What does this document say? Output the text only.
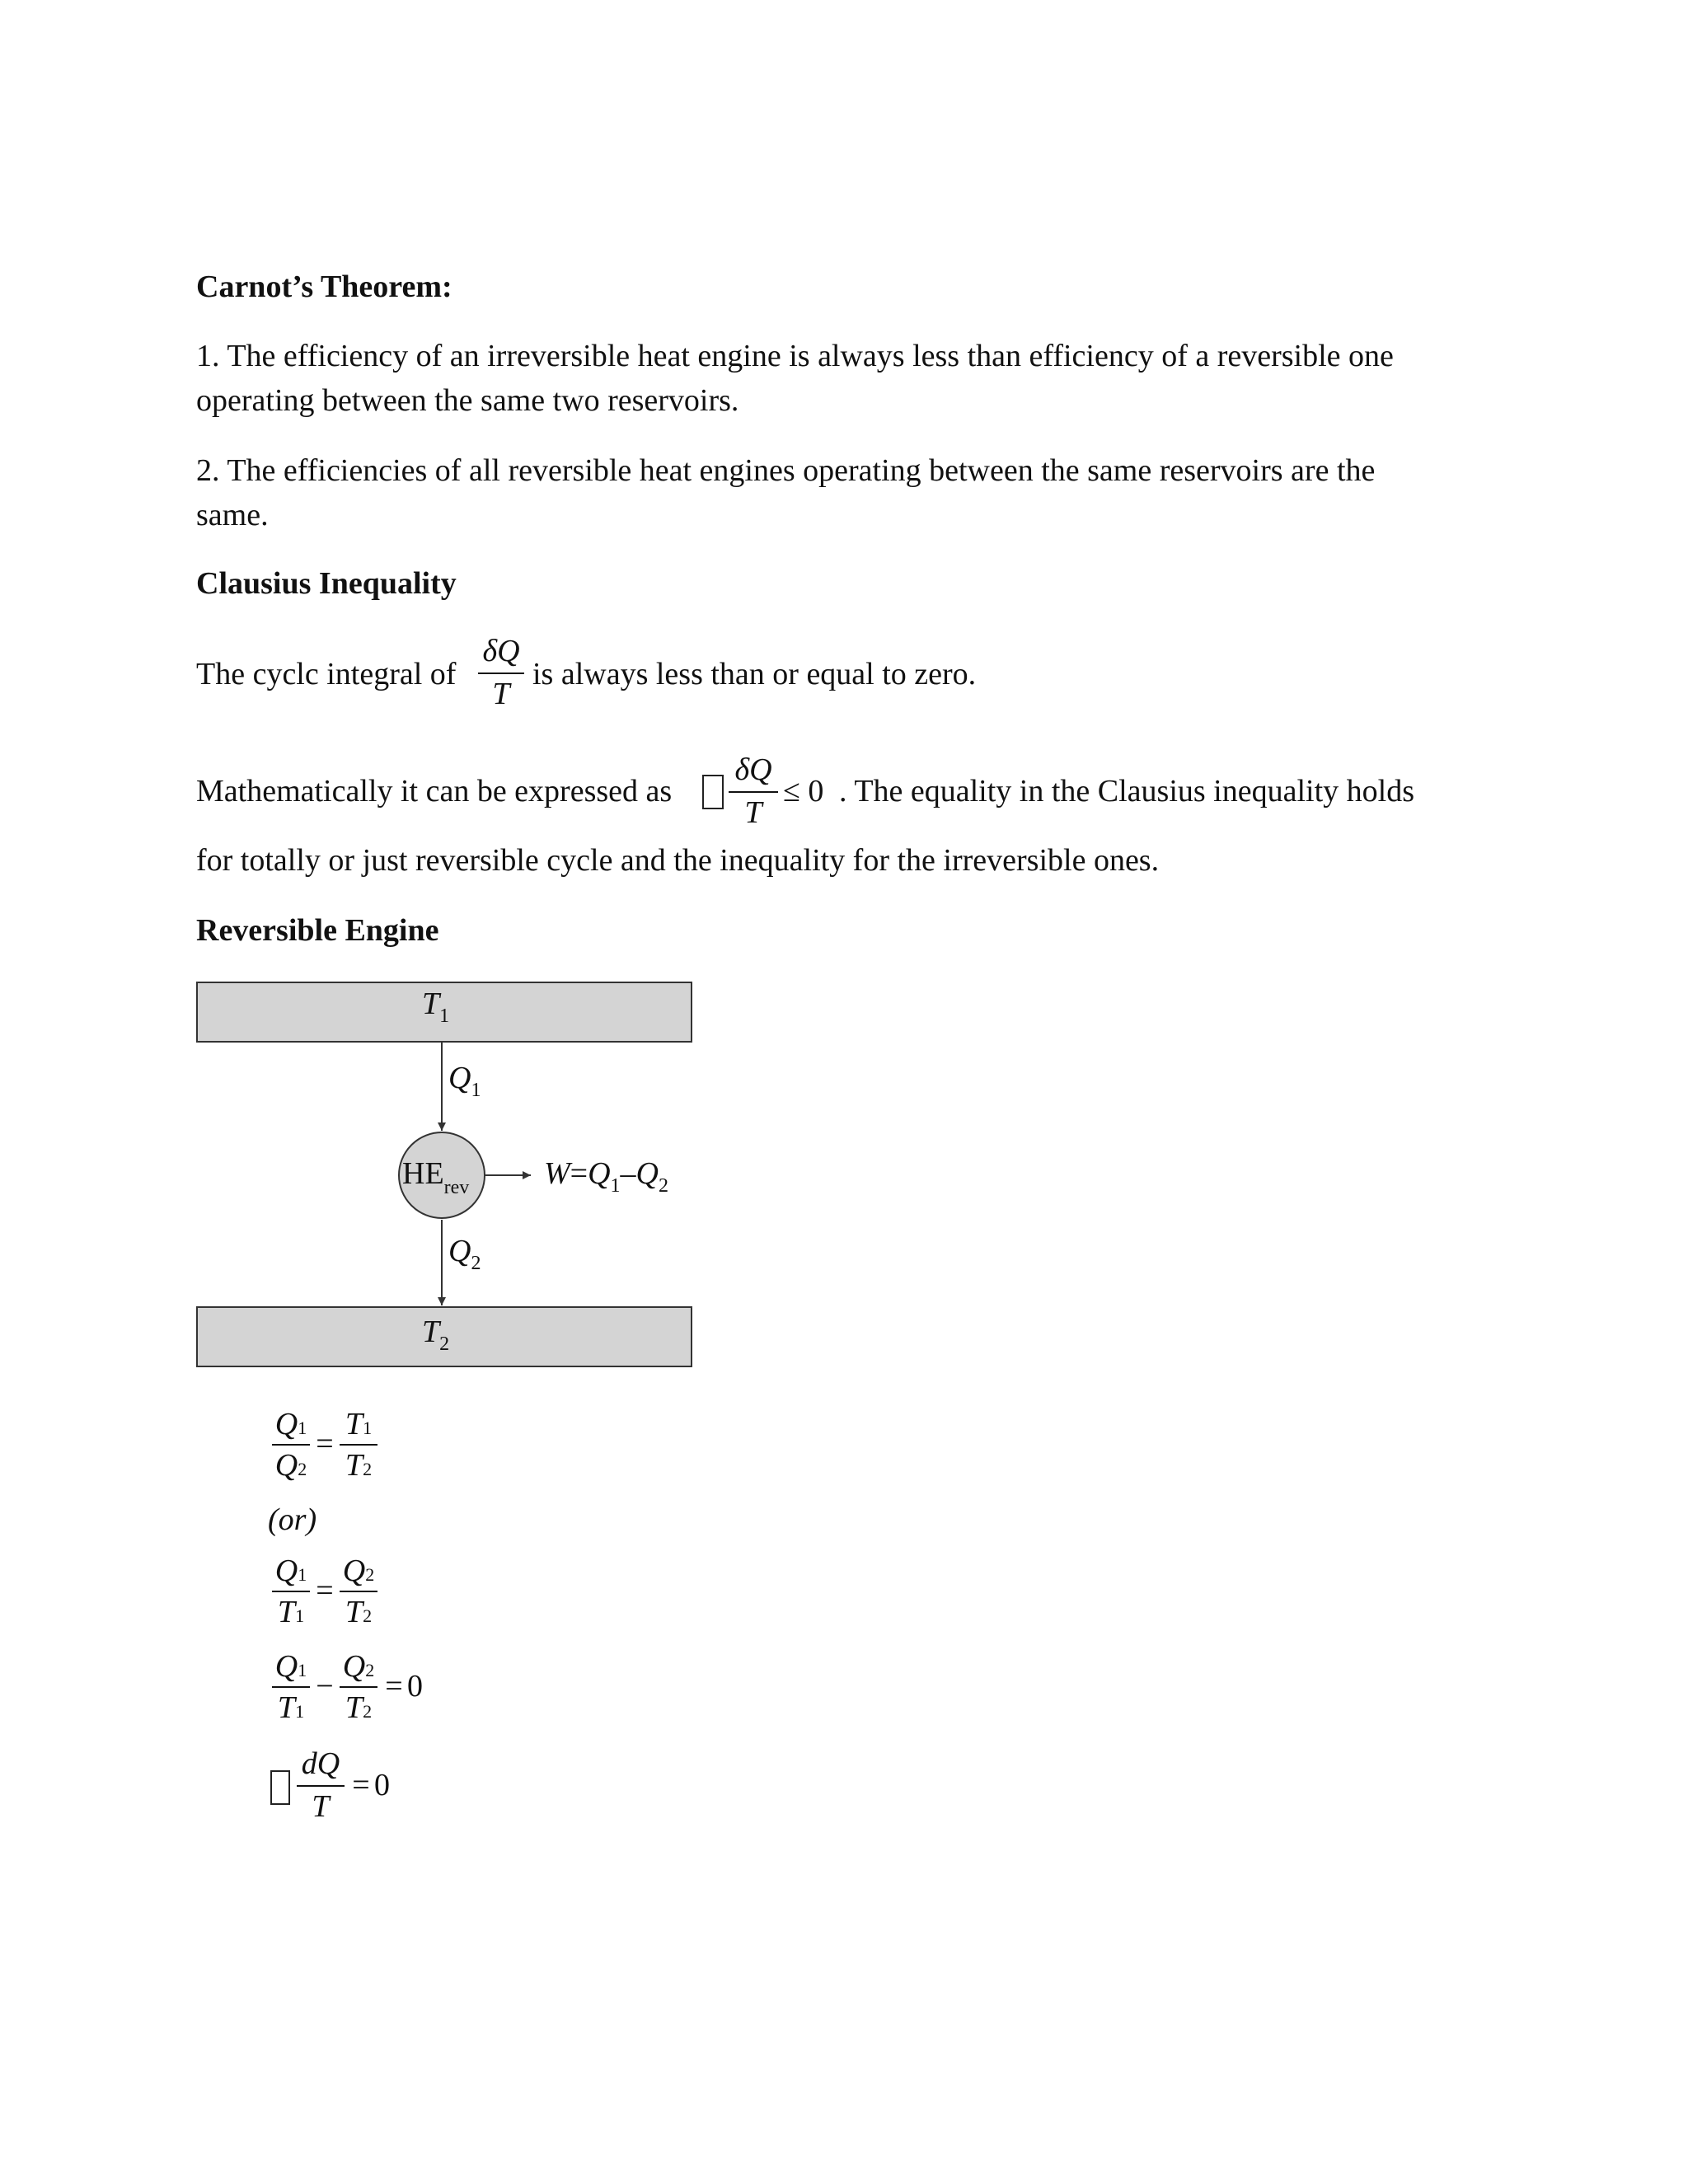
Carnot’s Theorem:
1. The efficiency of an irreversible heat engine is always less than efficiency of a reversible one
operating between the same two reservoirs.
2. The efficiencies of all reversible heat engines operating between the same reservoirs are the
same.
Clausius Inequality
The cyclc integral of
δQ
T
is always less than or equal to zero.
Mathematically it can be expressed as
δQ
T
≤ 0 . The equality in the Clausius inequality holds
for totally or just reversible cycle and the inequality for the irreversible ones.
Reversible Engine
$T_1$
$Q_1$
$HE_{rev}$ $W=Q_1-Q_2$
$Q_2$
$T_2$
Q1
Q2
=
T1
T2
(or)
Q1
T1
=
Q2
T2
Q1
T1
−
Q2
T2
= 0
dQ
T
= 0
